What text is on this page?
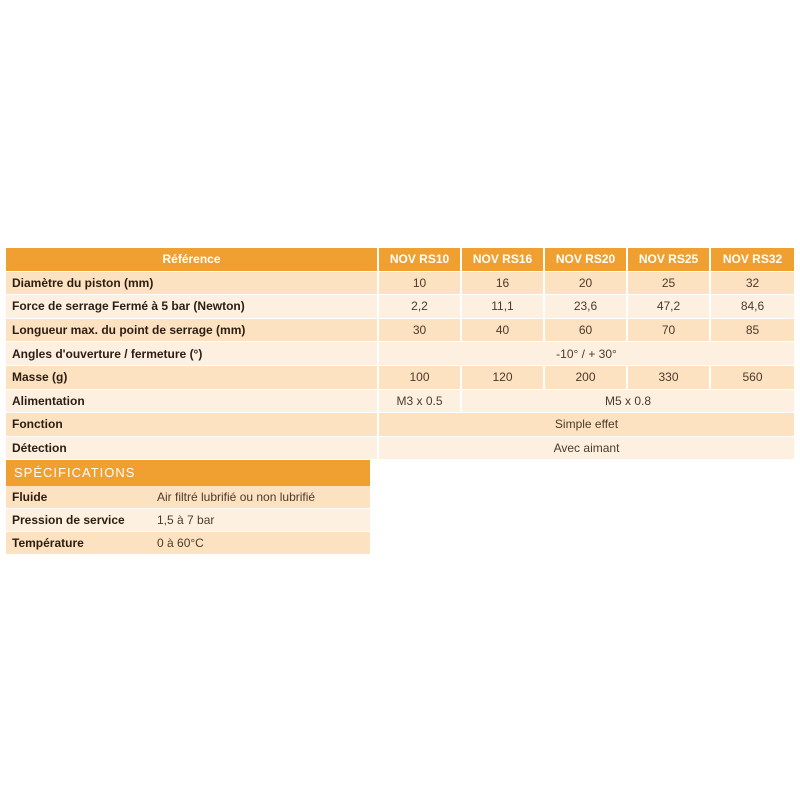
Référence	NOV RS10	NOV RS16	NOV RS20	NOV RS25	NOV RS32
Diamètre du piston (mm)	10	16	20	25	32
Force de serrage Fermé à 5 bar (Newton)	2,2	11,1	23,6	47,2	84,6
Longueur max. du point de serrage (mm)	30	40	60	70	85
Angles d'ouverture / fermeture (°)	-10° / + 30°				
Masse (g)	100	120	200	330	560
Alimentation	M3 x 0.5	M5 x 0.8			
Fonction	Simple effet				
Détection	Avec aimant				
SPÉCIFICATIONS
Fluide	Air filtré lubrifié ou non lubrifié
Pression de service	1,5 à 7 bar
Température	0 à 60°C
